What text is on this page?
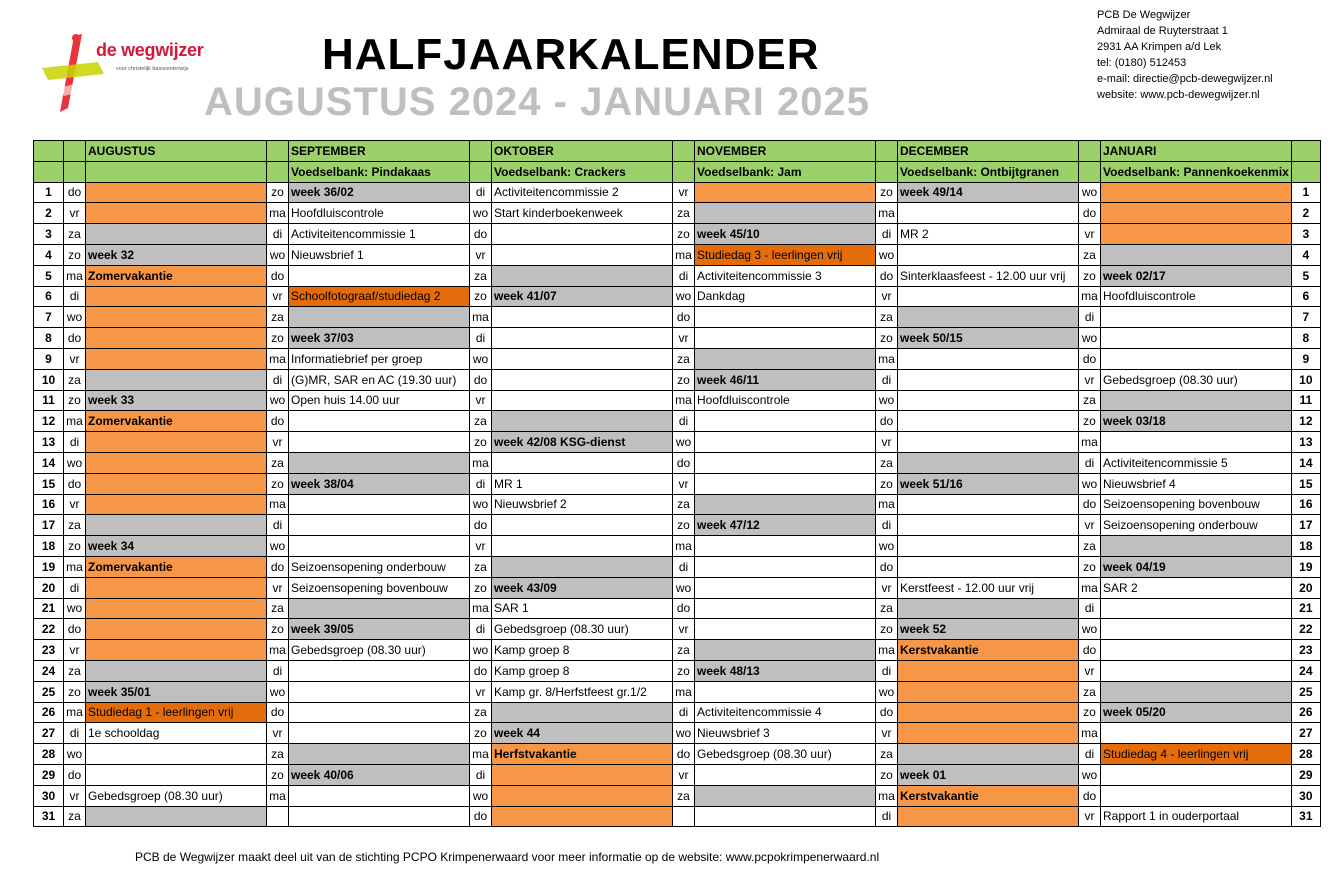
de wegwijzer
voor christelijk basisonderwijs	HALFJAARKALENDER
AUGUSTUS 2024 - JANUARI 2025
PCB De Wegwijzer
Admiraal de Ruyterstraat 1
2931 AA Krimpen a/d Lek
tel: (0180) 512453
e-mail: directie@pcb-dewegwijzer.nl
website: www.pcb-dewegwijzer.nl
		AUGUSTUS		SEPTEMBER		OKTOBER		NOVEMBER		DECEMBER		JANUARI	
				Voedselbank: Pindakaas		Voedselbank: Crackers		Voedselbank: Jam		Voedselbank: Ontbijtgranen		Voedselbank: Pannenkoekenmix	
1	do		zo	week 36/02	di	Activiteitencommissie 2	vr		zo	week 49/14	wo		1
2	vr		ma	Hoofdluiscontrole	wo	Start kinderboekenweek	za		ma		do		2
3	za		di	Activiteitencommissie 1	do		zo	week 45/10	di	MR 2	vr		3
4	zo	week 32	wo	Nieuwsbrief 1	vr		ma	Studiedag 3 - leerlingen vrij	wo		za		4
5	ma	Zomervakantie	do		za		di	Activiteitencommissie 3	do	Sinterklaasfeest - 12.00 uur vrij	zo	week 02/17	5
6	di		vr	Schoolfotograaf/studiedag 2	zo	week 41/07	wo	Dankdag	vr		ma	Hoofdluiscontrole	6
7	wo		za		ma		do		za		di		7
8	do		zo	week 37/03	di		vr		zo	week 50/15	wo		8
9	vr		ma	Informatiebrief per groep	wo		za		ma		do		9
10	za		di	(G)MR, SAR en AC (19.30 uur)	do		zo	week 46/11	di		vr	Gebedsgroep (08.30 uur)	10
11	zo	week 33	wo	Open huis 14.00 uur	vr		ma	Hoofdluiscontrole	wo		za		11
12	ma	Zomervakantie	do		za		di		do		zo	week 03/18	12
13	di		vr		zo	week 42/08 KSG-dienst	wo		vr		ma		13
14	wo		za		ma		do		za		di	Activiteitencommissie 5	14
15	do		zo	week 38/04	di	MR 1	vr		zo	week 51/16	wo	Nieuwsbrief 4	15
16	vr		ma		wo	Nieuwsbrief 2	za		ma		do	Seizoensopening bovenbouw	16
17	za		di		do		zo	week 47/12	di		vr	Seizoensopening onderbouw	17
18	zo	week 34	wo		vr		ma		wo		za		18
19	ma	Zomervakantie	do	Seizoensopening onderbouw	za		di		do		zo	week 04/19	19
20	di		vr	Seizoensopening bovenbouw	zo	week 43/09	wo		vr	Kerstfeest - 12.00 uur vrij	ma	SAR 2	20
21	wo		za		ma	SAR 1	do		za		di		21
22	do		zo	week 39/05	di	Gebedsgroep (08.30 uur)	vr		zo	week 52	wo		22
23	vr		ma	Gebedsgroep (08.30 uur)	wo	Kamp groep 8	za		ma	Kerstvakantie	do		23
24	za		di		do	Kamp groep 8	zo	week 48/13	di		vr		24
25	zo	week 35/01	wo		vr	Kamp gr. 8/Herfstfeest gr.1/2	ma		wo		za		25
26	ma	Studiedag 1 - leerlingen vrij	do		za		di	Activiteitencommissie 4	do		zo	week 05/20	26
27	di	1e schooldag	vr		zo	week 44	wo	Nieuwsbrief 3	vr		ma		27
28	wo		za		ma	Herfstvakantie	do	Gebedsgroep (08.30 uur)	za		di	Studiedag 4 - leerlingen vrij	28
29	do		zo	week 40/06	di		vr		zo	week 01	wo		29
30	vr	Gebedsgroep (08.30 uur)	ma		wo		za		ma	Kerstvakantie	do		30
31	za				do				di		vr	Rapport 1 in ouderportaal	31
PCB de Wegwijzer maakt deel uit van de stichting PCPO Krimpenerwaard voor meer informatie op de website: www.pcpokrimpenerwaard.nl
